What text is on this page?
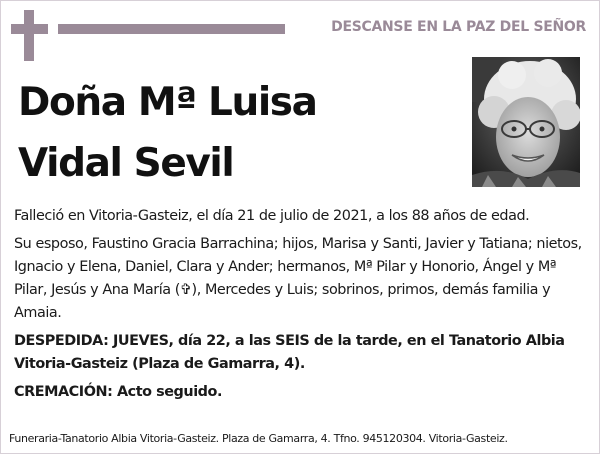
DESCANSE EN LA PAZ DEL SEÑOR
Doña Mª Luisa
Vidal Sevil

Falleció en Vitoria-Gasteiz, el día 21 de julio de 2021, a los 88 años de edad.

Su esposo, Faustino Gracia Barrachina; hijos, Marisa y Santi, Javier y Tatiana; nietos, Ignacio y Elena, Daniel, Clara y Ander; hermanos, Mª Pilar y Honorio, Ángel y Mª Pilar, Jesús y Ana María (✞), Mercedes y Luis; sobrinos, primos, demás familia y Amaia.

DESPEDIDA: JUEVES, día 22, a las SEIS de la tarde, en el Tanatorio Albia Vitoria-Gasteiz (Plaza de Gamarra, 4).

CREMACIÓN: Acto seguido.

Funeraria-Tanatorio Albia Vitoria-Gasteiz. Plaza de Gamarra, 4. Tfno. 945120304. Vitoria-Gasteiz.
